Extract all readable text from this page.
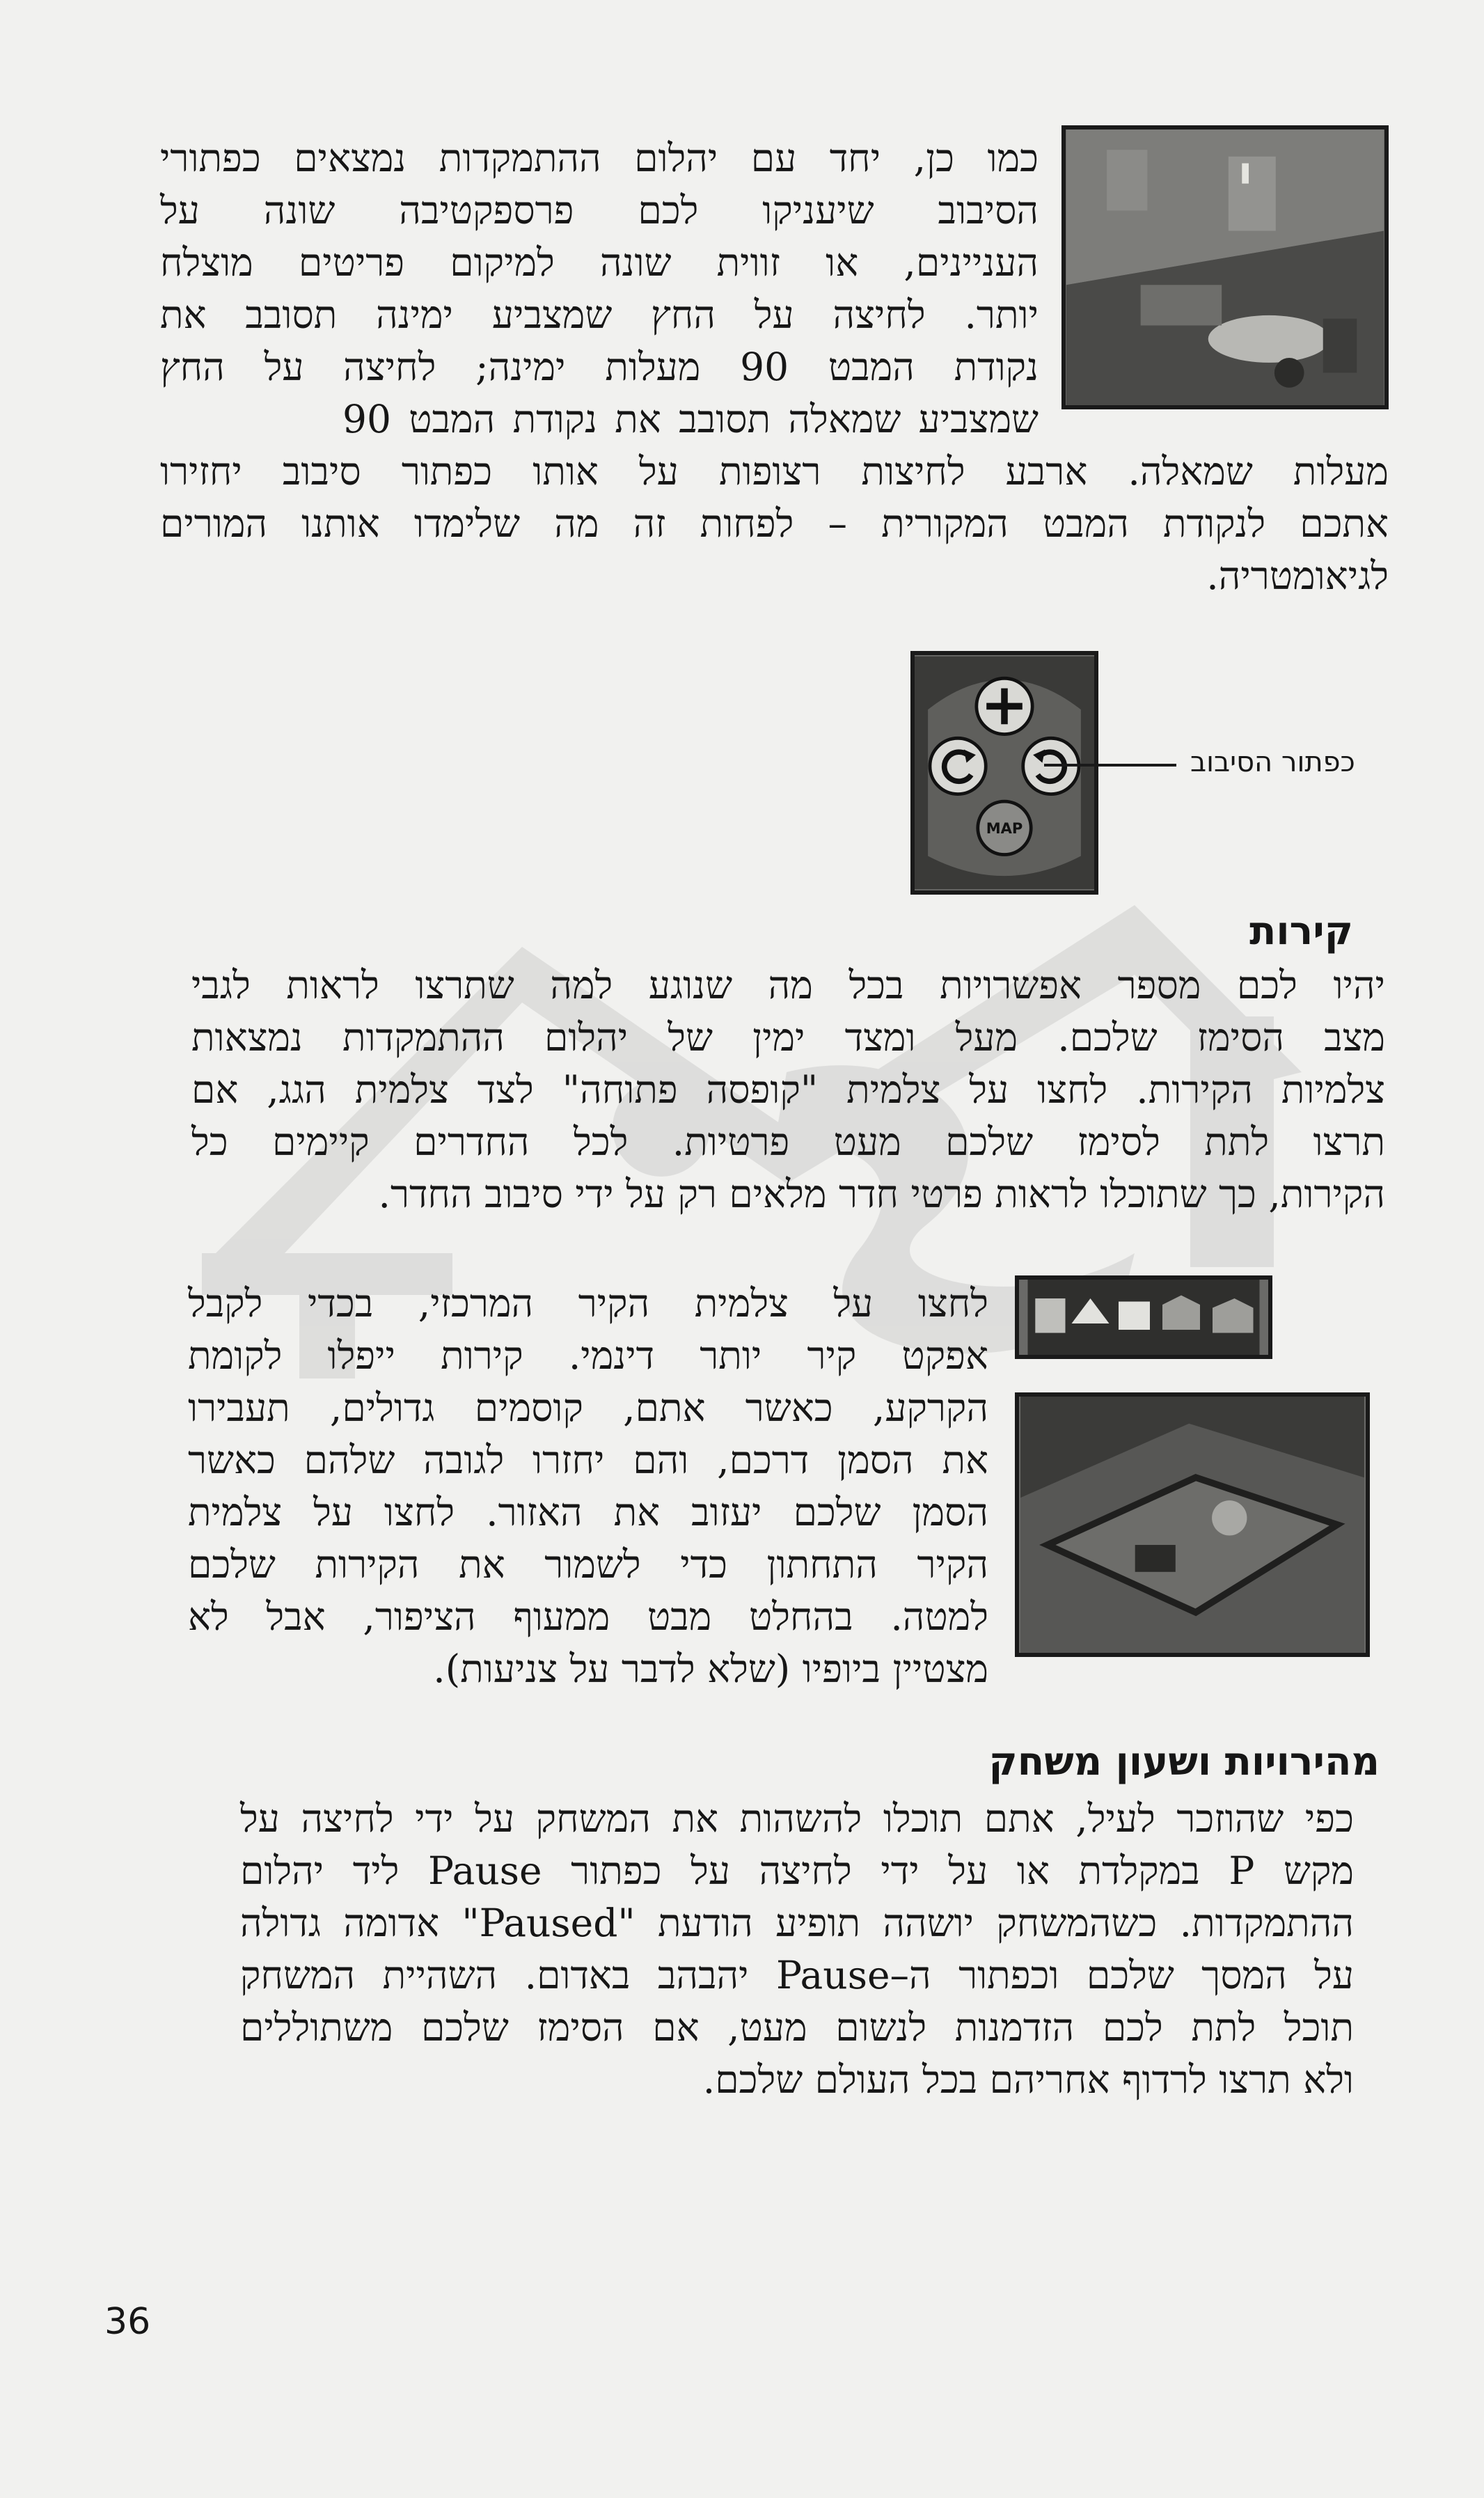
כמו כן, יחד עם יהלום ההתמקדות נמצאים כפתורי
הסיבוב שיעניקו לכם פרספקטיבה שונה על
העניינים, או זווית שונה למיקום פריטים מוצלח
יותר. לחיצה על החץ שמצביע ימינה תסובב את
נקודת המבט 90 מעלות ימינה; לחיצה על החץ
שמצביע שמאלה תסובב את נקודת המבט 90
מעלות שמאלה. ארבע לחיצות רצופות על אותו כפתור סיבוב יחזירו
אתכם לנקודת המבט המקורית – לפחות זה מה שלימדו אותנו המורים
לגיאומטריה.
MAP
כפתור הסיבוב
קירות
יהיו לכם מספר אפשרויות בכל מה שנוגע למה שתרצו לראות לגבי
מצב הסימז שלכם. מעל ומצד ימין של יהלום ההתמקדות נמצאות
צלמיות הקירות. לחצו על צלמית "קופסה פתוחה" לצד צלמית הגג, אם
תרצו לתת לסימז שלכם מעט פרטיות. לכל החדרים קיימים כל
הקירות, כך שתוכלו לראות פרטי חדר מלאים רק על ידי סיבוב החדר.
לחצו על צלמית הקיר המרכזי, בכדי לקבל
אפקט קיר יותר דינמי. קירות ייפלו לקומת
הקרקע, כאשר אתם, קוסמים גדולים, תעבירו
את הסמן דרכם, והם יחזרו לגובה שלהם כאשר
הסמן שלכם יעזוב את האזור. לחצו על צלמית
הקיר התחתון כדי לשמור את הקירות שלכם
למטה. בהחלט מבט ממעוף הציפור, אבל לא
מצטיין ביופיו (שלא לדבר על צניעות).
מהירויות ושעון משחק
כפי שהוזכר לעיל, אתם תוכלו להשהות את המשחק על ידי לחיצה על
מקש P במקלדת או על ידי לחיצה על כפתור Pause ליד יהלום
ההתמקדות. כשהמשחק יושהה תופיע הודעת "Paused" אדומה גדולה
על המסך שלכם וכפתור ה–Pause יהבהב באדום. השהיית המשחק
תוכל לתת לכם הזדמנות לנשום מעט, אם הסימז שלכם משתוללים
ולא תרצו לרדוף אחריהם בכל העולם שלכם.
36
